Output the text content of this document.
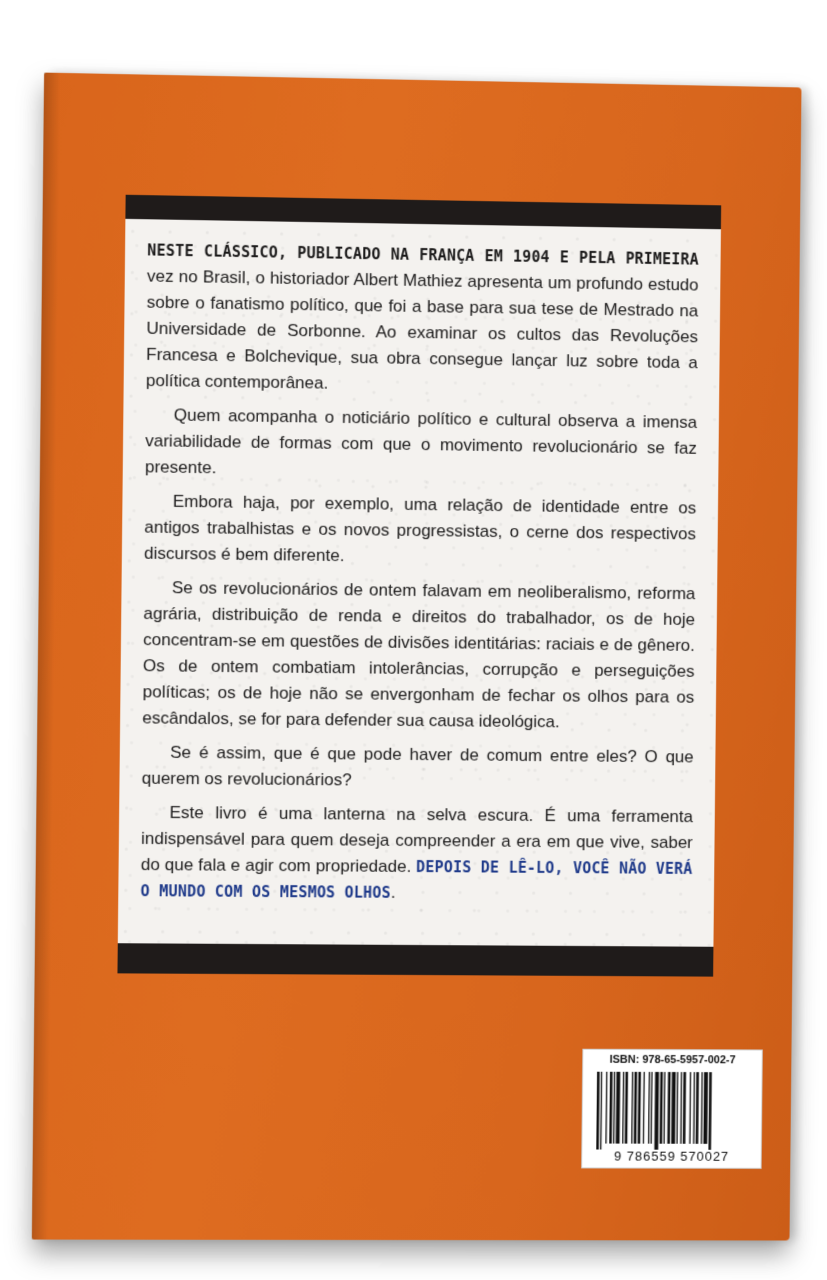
NESTE CLÁSSICO, PUBLICADO NA FRANÇA EM 1904 E PELA PRIMEIRA vez no Brasil, o historiador Albert Mathiez apresenta um profundo estudo sobre o fanatismo político, que foi a base para sua tese de Mestrado na Universidade de Sorbonne. Ao examinar os cultos das Revoluções Francesa e Bolchevique, sua obra consegue lançar luz sobre toda a política contemporânea.

Quem acompanha o noticiário político e cultural observa a imensa variabilidade de formas com que o movimento revolucionário se faz presente.

Embora haja, por exemplo, uma relação de identidade entre os antigos trabalhistas e os novos progressistas, o cerne dos respectivos discursos é bem diferente.

Se os revolucionários de ontem falavam em neoliberalismo, reforma agrária, distribuição de renda e direitos do trabalhador, os de hoje concentram-se em questões de divisões identitárias: raciais e de gênero. Os de ontem combatiam intolerâncias, corrupção e perseguições políticas; os de hoje não se envergonham de fechar os olhos para os escândalos, se for para defender sua causa ideológica.

Se é assim, que é que pode haver de comum entre eles? O que querem os revolucionários?

Este livro é uma lanterna na selva escura. É uma ferramenta indispensável para quem deseja compreender a era em que vive, saber do que fala e agir com propriedade. DEPOIS DE LÊ-LO, VOCÊ NÃO VERÁ O MUNDO COM OS MESMOS OLHOS.

ISBN: 978-65-5957-002-7
9 786559 570027
